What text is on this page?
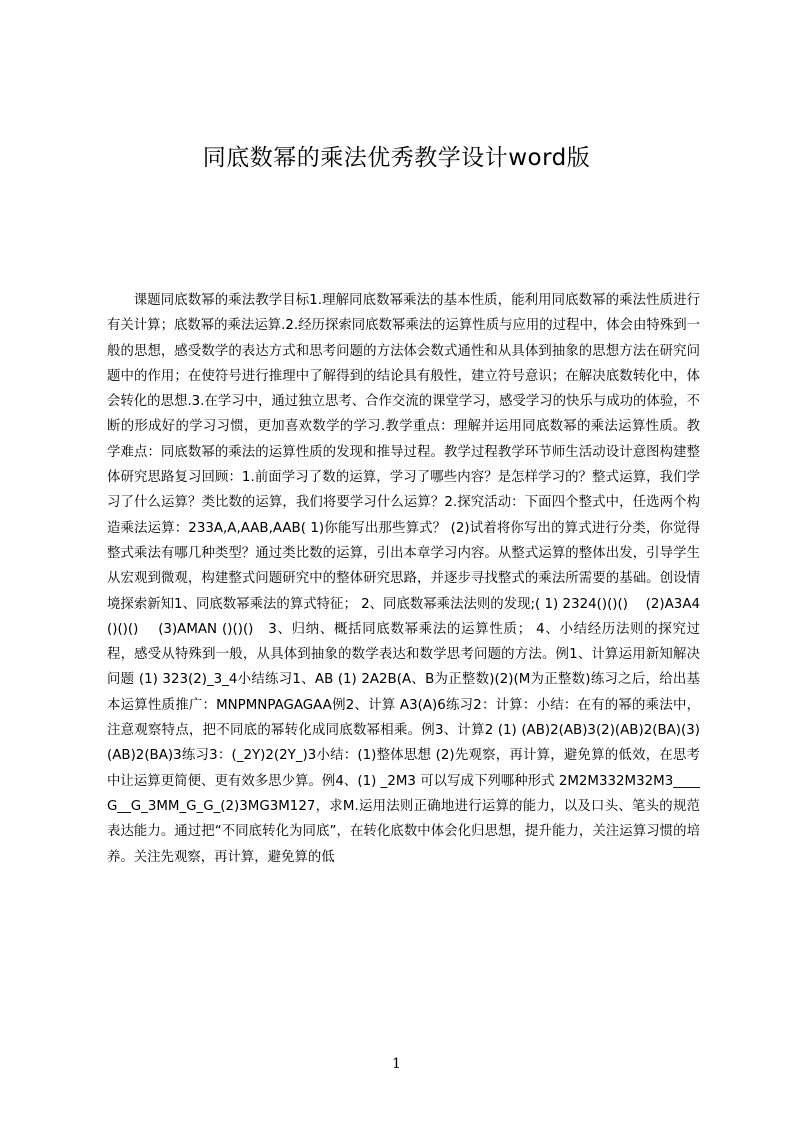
同底数幂的乘法优秀教学设计word版

课题同底数幂的乘法教学目标1.理解同底数幂乘法的基本性质，能利用同底数幂的乘法性质进行有关计算；底数幂的乘法运算.2.经历探索同底数幂乘法的运算性质与应用的过程中，体会由特殊到一般的思想，感受数学的表达方式和思考问题的方法体会数式通性和从具体到抽象的思想方法在研究问题中的作用；在使符号进行推理中了解得到的结论具有般性，建立符号意识；在解决底数转化中，体会转化的思想.3.在学习中，通过独立思考、合作交流的课堂学习，感受学习的快乐与成功的体验，不断的形成好的学习习惯，更加喜欢数学的学习.教学重点：理解并运用同底数幂的乘法运算性质。教学难点：同底数幂的乘法的运算性质的发现和推导过程。教学过程教学环节师生活动设计意图构建整体研究思路复习回顾：1.前面学习了数的运算，学习了哪些内容？是怎样学习的？整式运算，我们学习了什么运算？类比数的运算，我们将要学习什么运算？2.探究活动：下面四个整式中，任选两个构造乘法运算：233A,A,AAB,AAB( 1)你能写出那些算式？ (2)试着将你写出的算式进行分类，你觉得整式乘法有哪几种类型？通过类比数的运算，引出本章学习内容。从整式运算的整体出发，引导学生从宏观到微观，构建整式问题研究中的整体研究思路，并逐步寻找整式的乘法所需要的基础。创设情境探索新知1、同底数幂乘法的算式特征； 2、同底数幂乘法法则的发现;( 1) 2324()()()　 (2)A3A4()()()　 (3)AMAN ()()()　3、归纳、概括同底数幂乘法的运算性质； 4、小结经历法则的探究过程，感受从特殊到一般，从具体到抽象的数学表达和数学思考问题的方法。例1、计算运用新知解决问题 (1) 323(2)_3_4小结练习1、AB (1) 2A2B(A、B为正整数)(2)(M为正整数)练习之后，给出基本运算性质推广：MNPMNPAGAGAA例2、计算 A3(A)6练习2：计算：小结：在有的幂的乘法中，注意观察特点，把不同底的幂转化成同底数幂相乘。例3、计算2 (1) (AB)2(AB)3(2)(AB)2(BA)(3)(AB)2(BA)3练习3：(_2Y)2(2Y_)3小结：(1)整体思想 (2)先观察，再计算，避免算的低效，在思考中让运算更简便、更有效多思少算。例4、(1) _2M3 可以写成下列哪种形式 2M2M332M32M3____G__G_3MM_G_G_(2)3MG3M127，求M.运用法则正确地进行运算的能力，以及口头、笔头的规范表达能力。通过把“不同底转化为同底”，在转化底数中体会化归思想，提升能力，关注运算习惯的培养。关注先观察，再计算，避免算的低

1
